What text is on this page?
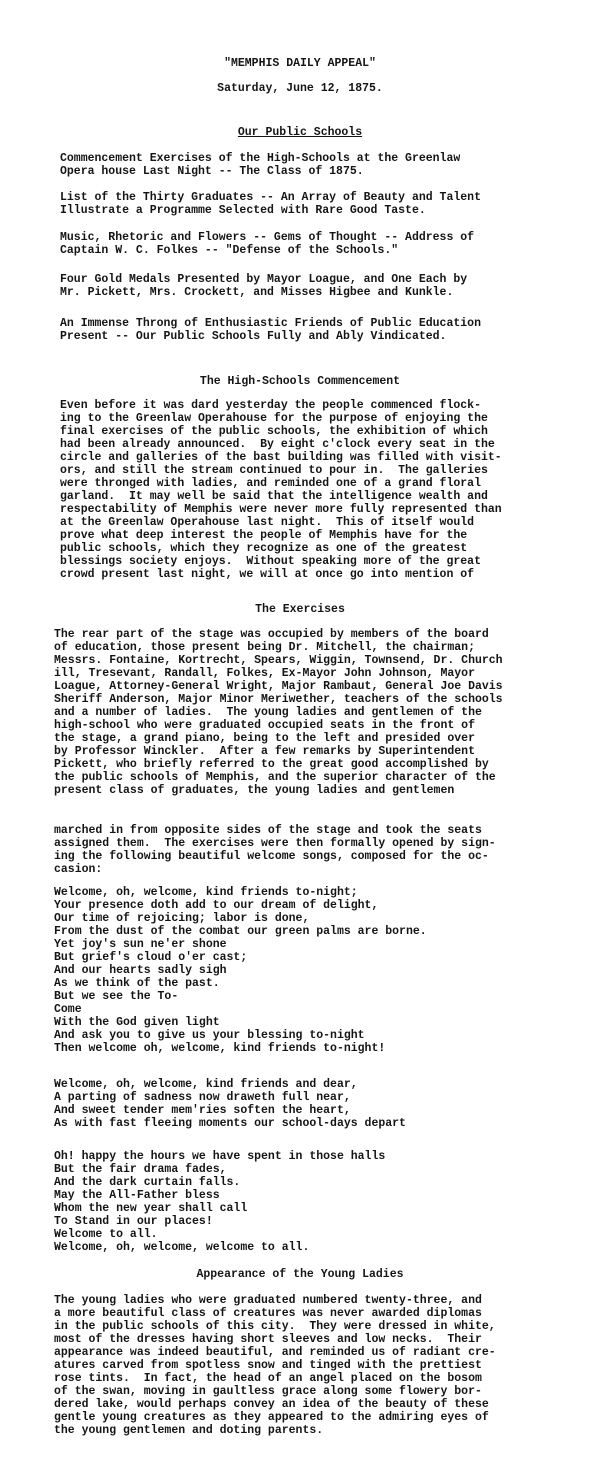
"MEMPHIS DAILY APPEAL"
Saturday, June 12, 1875.
Our Public Schools
Commencement Exercises of the High-Schools at the Greenlaw
Opera house Last Night -- The Class of 1875.
List of the Thirty Graduates -- An Array of Beauty and Talent
Illustrate a Programme Selected with Rare Good Taste.
Music, Rhetoric and Flowers -- Gems of Thought -- Address of
Captain W. C. Folkes -- "Defense of the Schools."
Four Gold Medals Presented by Mayor Loague, and One Each by
Mr. Pickett, Mrs. Crockett, and Misses Higbee and Kunkle.
An Immense Throng of Enthusiastic Friends of Public Education
Present -- Our Public Schools Fully and Ably Vindicated.
The High-Schools Commencement
Even before it was dard yesterday the people commenced flock-
ing to the Greenlaw Operahouse for the purpose of enjoying the
final exercises of the public schools, the exhibition of which
had been already announced.  By eight c'clock every seat in the
circle and galleries of the bast building was filled with visit-
ors, and still the stream continued to pour in.  The galleries
were thronged with ladies, and reminded one of a grand floral
garland.  It may well be said that the intelligence wealth and
respectability of Memphis were never more fully represented than
at the Greenlaw Operahouse last night.  This of itself would
prove what deep interest the people of Memphis have for the
public schools, which they recognize as one of the greatest
blessings society enjoys.  Without speaking more of the great
crowd present last night, we will at once go into mention of
The Exercises
The rear part of the stage was occupied by members of the board
of education, those present being Dr. Mitchell, the chairman;
Messrs. Fontaine, Kortrecht, Spears, Wiggin, Townsend, Dr. Church
ill, Tresevant, Randall, Folkes, Ex-Mayor John Johnson, Mayor
Loague, Attorney-General Wright, Major Rambaut, General Joe Davis
Sheriff Anderson, Major Minor Meriwether, teachers of the schools
and a number of ladies.  The young ladies and gentlemen of the
high-school who were graduated occupied seats in the front of
the stage, a grand piano, being to the left and presided over
by Professor Winckler.  After a few remarks by Superintendent
Pickett, who briefly referred to the great good accomplished by
the public schools of Memphis, and the superior character of the
present class of graduates, the young ladies and gentlemen
marched in from opposite sides of the stage and took the seats
assigned them.  The exercises were then formally opened by sign-
ing the following beautiful welcome songs, composed for the oc-
casion:
Welcome, oh, welcome, kind friends to-night;
Your presence doth add to our dream of delight,
Our time of rejoicing; labor is done,
From the dust of the combat our green palms are borne.
Yet joy's sun ne'er shone
But grief's cloud o'er cast;
And our hearts sadly sigh
As we think of the past.
But we see the To-
Come
With the God given light
And ask you to give us your blessing to-night
Then welcome oh, welcome, kind friends to-night!
Welcome, oh, welcome, kind friends and dear,
A parting of sadness now draweth full near,
And sweet tender mem'ries soften the heart,
As with fast fleeing moments our school-days depart
Oh! happy the hours we have spent in those halls
But the fair drama fades,
And the dark curtain falls.
May the All-Father bless
Whom the new year shall call
To Stand in our places!
Welcome to all.
Welcome, oh, welcome, welcome to all.
Appearance of the Young Ladies
The young ladies who were graduated numbered twenty-three, and
a more beautiful class of creatures was never awarded diplomas
in the public schools of this city.  They were dressed in white,
most of the dresses having short sleeves and low necks.  Their
appearance was indeed beautiful, and reminded us of radiant cre-
atures carved from spotless snow and tinged with the prettiest
rose tints.  In fact, the head of an angel placed on the bosom
of the swan, moving in gaultless grace along some flowery bor-
dered lake, would perhaps convey an idea of the beauty of these
gentle young creatures as they appeared to the admiring eyes of
the young gentlemen and doting parents.
